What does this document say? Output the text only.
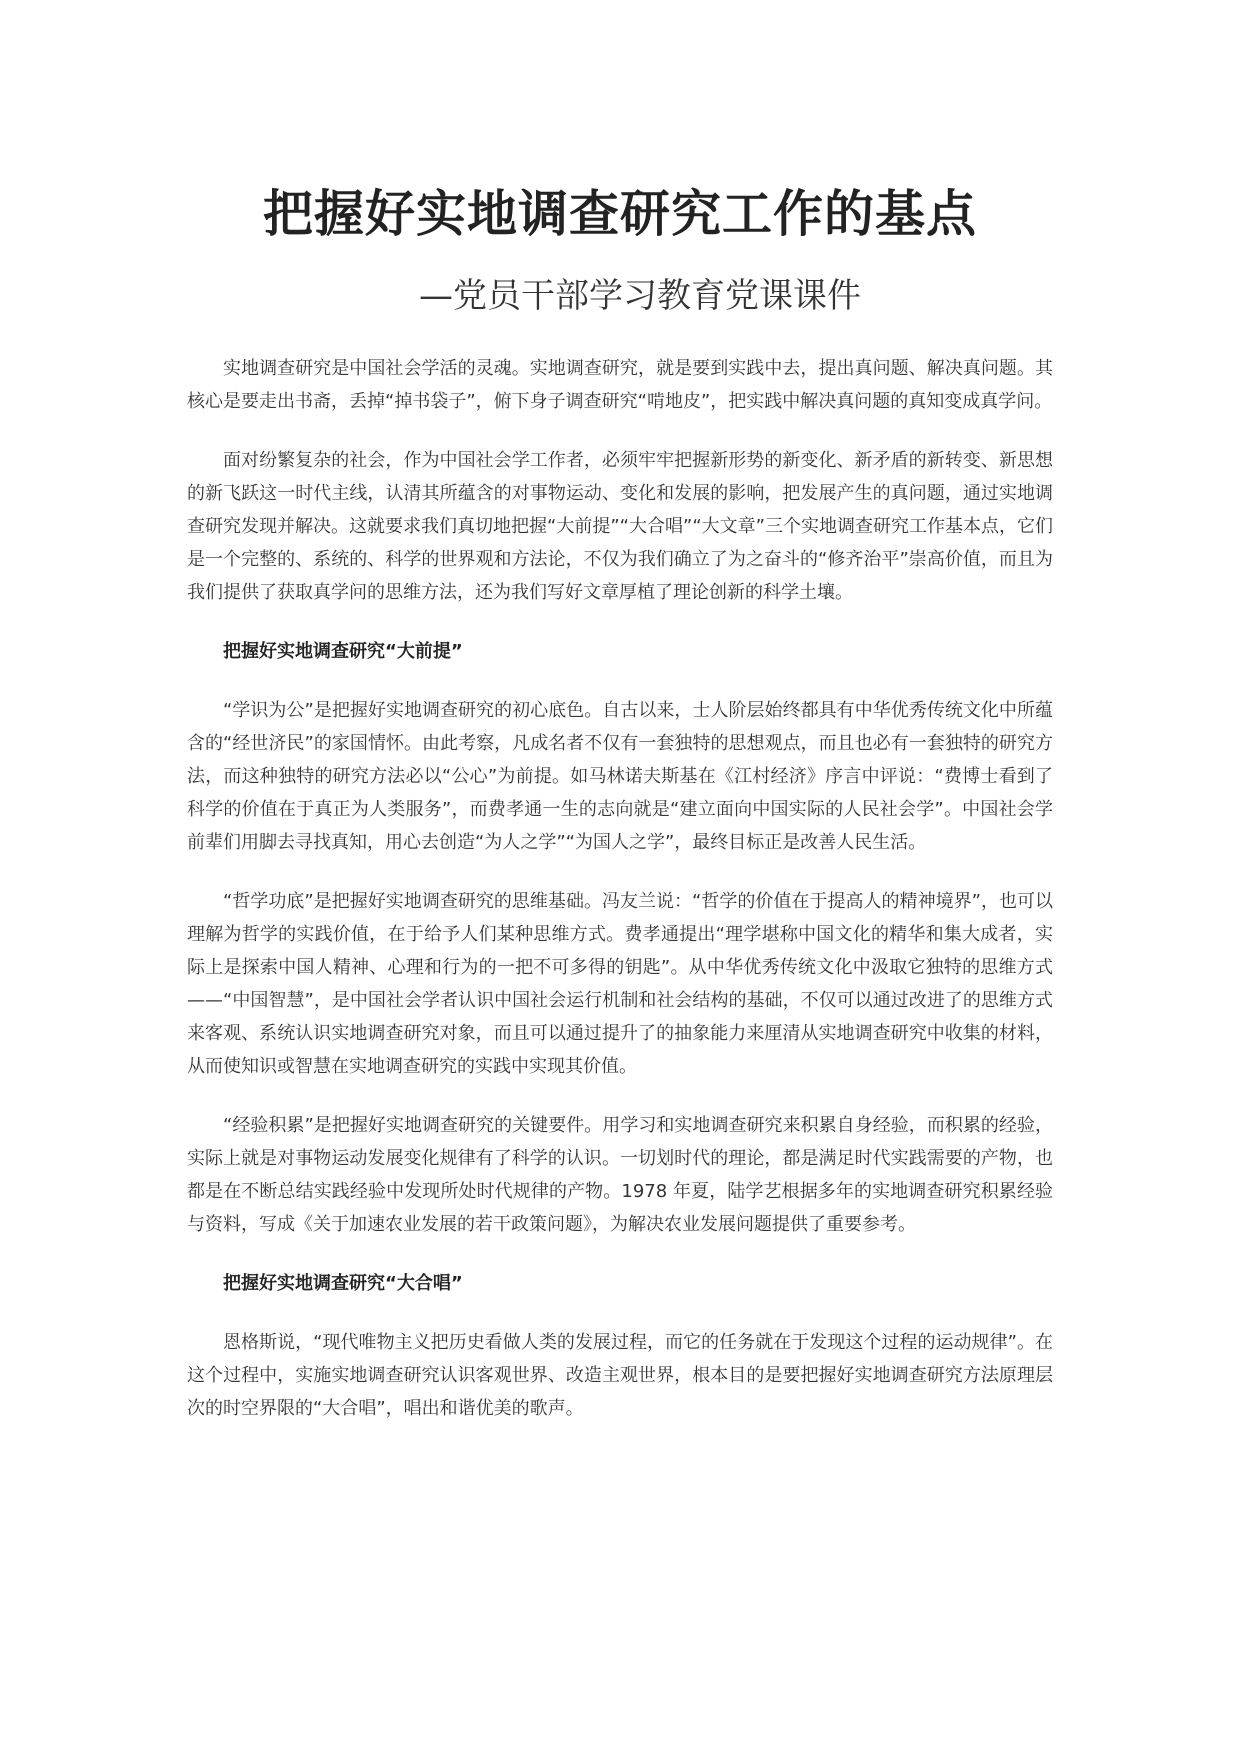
把握好实地调查研究工作的基点
—党员干部学习教育党课课件

实地调查研究是中国社会学活的灵魂。实地调查研究，就是要到实践中去，提出真问题、解决真问题。其核心是要走出书斋，丢掉“掉书袋子”，俯下身子调查研究“啃地皮”，把实践中解决真问题的真知变成真学问。

面对纷繁复杂的社会，作为中国社会学工作者，必须牢牢把握新形势的新变化、新矛盾的新转变、新思想的新飞跃这一时代主线，认清其所蕴含的对事物运动、变化和发展的影响，把发展产生的真问题，通过实地调查研究发现并解决。这就要求我们真切地把握“大前提”“大合唱”“大文章”三个实地调查研究工作基本点，它们是一个完整的、系统的、科学的世界观和方法论，不仅为我们确立了为之奋斗的“修齐治平”崇高价值，而且为我们提供了获取真学问的思维方法，还为我们写好文章厚植了理论创新的科学土壤。

把握好实地调查研究“大前提”

“学识为公”是把握好实地调查研究的初心底色。自古以来，士人阶层始终都具有中华优秀传统文化中所蕴含的“经世济民”的家国情怀。由此考察，凡成名者不仅有一套独特的思想观点，而且也必有一套独特的研究方法，而这种独特的研究方法必以“公心”为前提。如马林诺夫斯基在《江村经济》序言中评说：“费博士看到了科学的价值在于真正为人类服务”，而费孝通一生的志向就是“建立面向中国实际的人民社会学”。中国社会学前辈们用脚去寻找真知，用心去创造“为人之学”“为国人之学”，最终目标正是改善人民生活。

“哲学功底”是把握好实地调查研究的思维基础。冯友兰说：“哲学的价值在于提高人的精神境界”，也可以理解为哲学的实践价值，在于给予人们某种思维方式。费孝通提出“理学堪称中国文化的精华和集大成者，实际上是探索中国人精神、心理和行为的一把不可多得的钥匙”。从中华优秀传统文化中汲取它独特的思维方式——“中国智慧”，是中国社会学者认识中国社会运行机制和社会结构的基础，不仅可以通过改进了的思维方式来客观、系统认识实地调查研究对象，而且可以通过提升了的抽象能力来厘清从实地调查研究中收集的材料，从而使知识或智慧在实地调查研究的实践中实现其价值。

“经验积累”是把握好实地调查研究的关键要件。用学习和实地调查研究来积累自身经验，而积累的经验，实际上就是对事物运动发展变化规律有了科学的认识。一切划时代的理论，都是满足时代实践需要的产物，也都是在不断总结实践经验中发现所处时代规律的产物。1978 年夏，陆学艺根据多年的实地调查研究积累经验与资料，写成《关于加速农业发展的若干政策问题》，为解决农业发展问题提供了重要参考。

把握好实地调查研究“大合唱”

恩格斯说，“现代唯物主义把历史看做人类的发展过程，而它的任务就在于发现这个过程的运动规律”。在这个过程中，实施实地调查研究认识客观世界、改造主观世界，根本目的是要把握好实地调查研究方法原理层次的时空界限的“大合唱”，唱出和谐优美的歌声。
